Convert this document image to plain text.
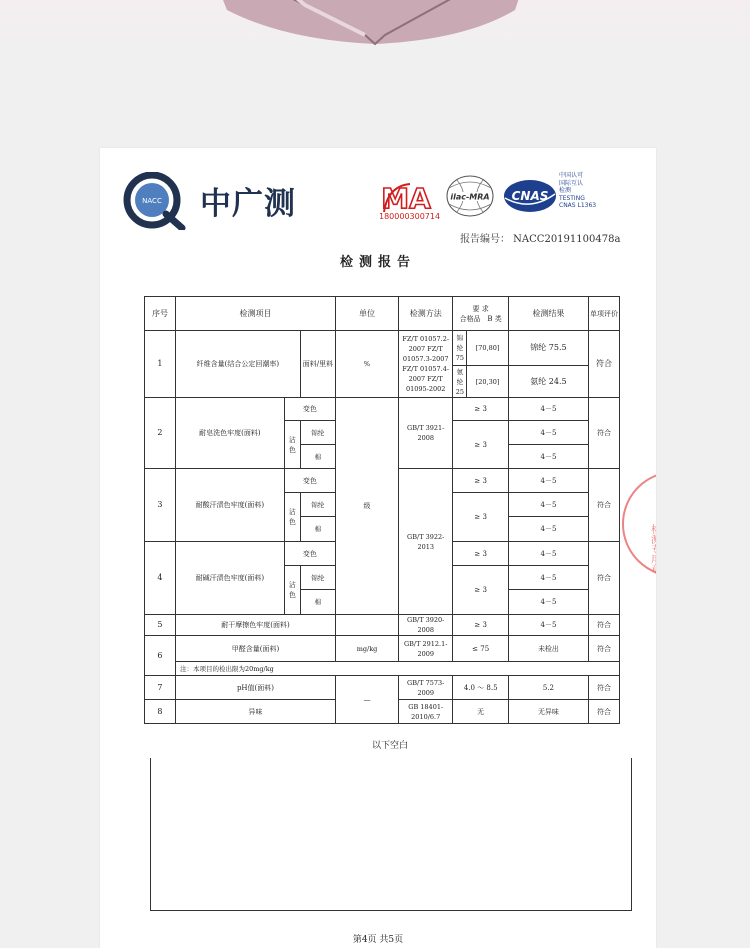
NACC 中广测	MA
180000300714
ilac-MRA CNAS
中国认可
国际互认
检测
TESTING
CNAS L1363
报告编号： NACC20191100478a
检测报告
序号	检测项目			单位	检测方法	要 求
合格品 B 类		检测结果	单项评价
1	纤维含量(结合公定回潮率)		面料/里料	%	FZ/T 01057.2-2007 FZ/T 01057.3-2007 FZ/T 01057.4-2007 FZ/T 01095-2002	锦纶 75	[70,80]	锦纶 75.5	符合
						氨纶 25	[20,30]	氨纶 24.5	
2	耐皂洗色牢度(面料)	变色		级	GB/T 3921-2008	≥ 3		4－5	符合
		沾色	锦纶			≥ 3		4－5	
			棉					4－5	
3	耐酸汗渍色牢度(面料)	变色			GB/T 3922-2013	≥ 3		4－5	符合
		沾色	锦纶			≥ 3		4－5	
			棉					4－5	
4	耐碱汗渍色牢度(面料)	变色				≥ 3		4－5	符合
		沾色	锦纶			≥ 3		4－5	
			棉					4－5	
5	耐干摩擦色牢度(面料)				GB/T 3920-2008	≥ 3		4－5	符合
6	甲醛含量(面料)			mg/kg	GB/T 2912.1-2009	≤ 75		未检出	符合
	注：本项目的检出限为20mg/kg								
7	pH值(面料)			—	GB/T 7573-2009	4.0 ～ 8.5		5.2	符合
8	异味				GB 18401-2010/6.7	无		无异味	符合
以下空白
第4页 共5页
检测专用章
